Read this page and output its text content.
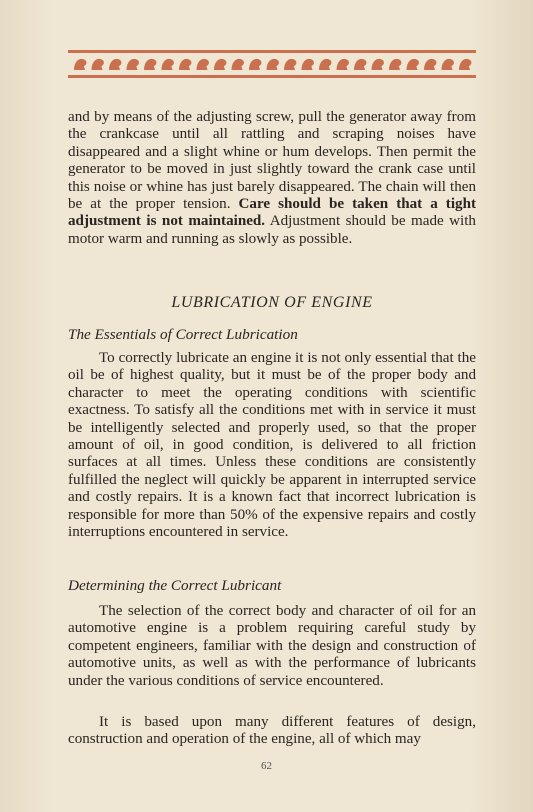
and by means of the adjusting screw, pull the generator away from the crankcase until all rattling and scraping noises have disappeared and a slight whine or hum develops. Then permit the generator to be moved in just slightly toward the crank case until this noise or whine has just barely disappeared. The chain will then be at the proper tension. Care should be taken that a tight adjustment is not maintained. Adjustment should be made with motor warm and running as slowly as possible.

LUBRICATION OF ENGINE
The Essentials of Correct Lubrication

To correctly lubricate an engine it is not only essential that the oil be of highest quality, but it must be of the proper body and character to meet the operating conditions with scientific exactness. To satisfy all the conditions met with in service it must be intelligently selected and properly used, so that the proper amount of oil, in good condition, is delivered to all friction surfaces at all times. Unless these conditions are consistently fulfilled the neglect will quickly be apparent in interrupted service and costly repairs. It is a known fact that incorrect lubrication is responsible for more than 50% of the expensive repairs and costly interruptions encountered in service.

Determining the Correct Lubricant

The selection of the correct body and character of oil for an automotive engine is a problem requiring careful study by competent engineers, familiar with the design and construction of automotive units, as well as with the performance of lubricants under the various conditions of service encountered.

It is based upon many different features of design, construction and operation of the engine, all of which may

62
